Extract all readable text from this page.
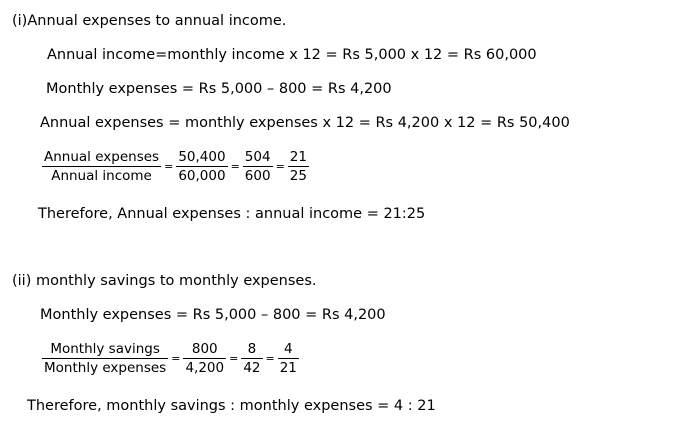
(i)Annual expenses to annual income.
Annual income=monthly income x 12 = Rs 5,000 x 12 = Rs 60,000
Monthly expenses = Rs 5,000 – 800 = Rs 4,200
Annual expenses = monthly expenses x 12 = Rs 4,200 x 12 = Rs 50,400
$\frac{\text{Annual expenses}}{\text{Annual income}} = \frac{50,400}{60,000} = \frac{504}{600} = \frac{21}{25}$
Therefore, Annual expenses : annual income = 21:25
(ii) monthly savings to monthly expenses.
Monthly expenses = Rs 5,000 – 800 = Rs 4,200
$\frac{\text{Monthly savings}}{\text{Monthly expenses}} = \frac{800}{4,200} = \frac{8}{42} = \frac{4}{21}$
Therefore, monthly savings : monthly expenses = 4 : 21
